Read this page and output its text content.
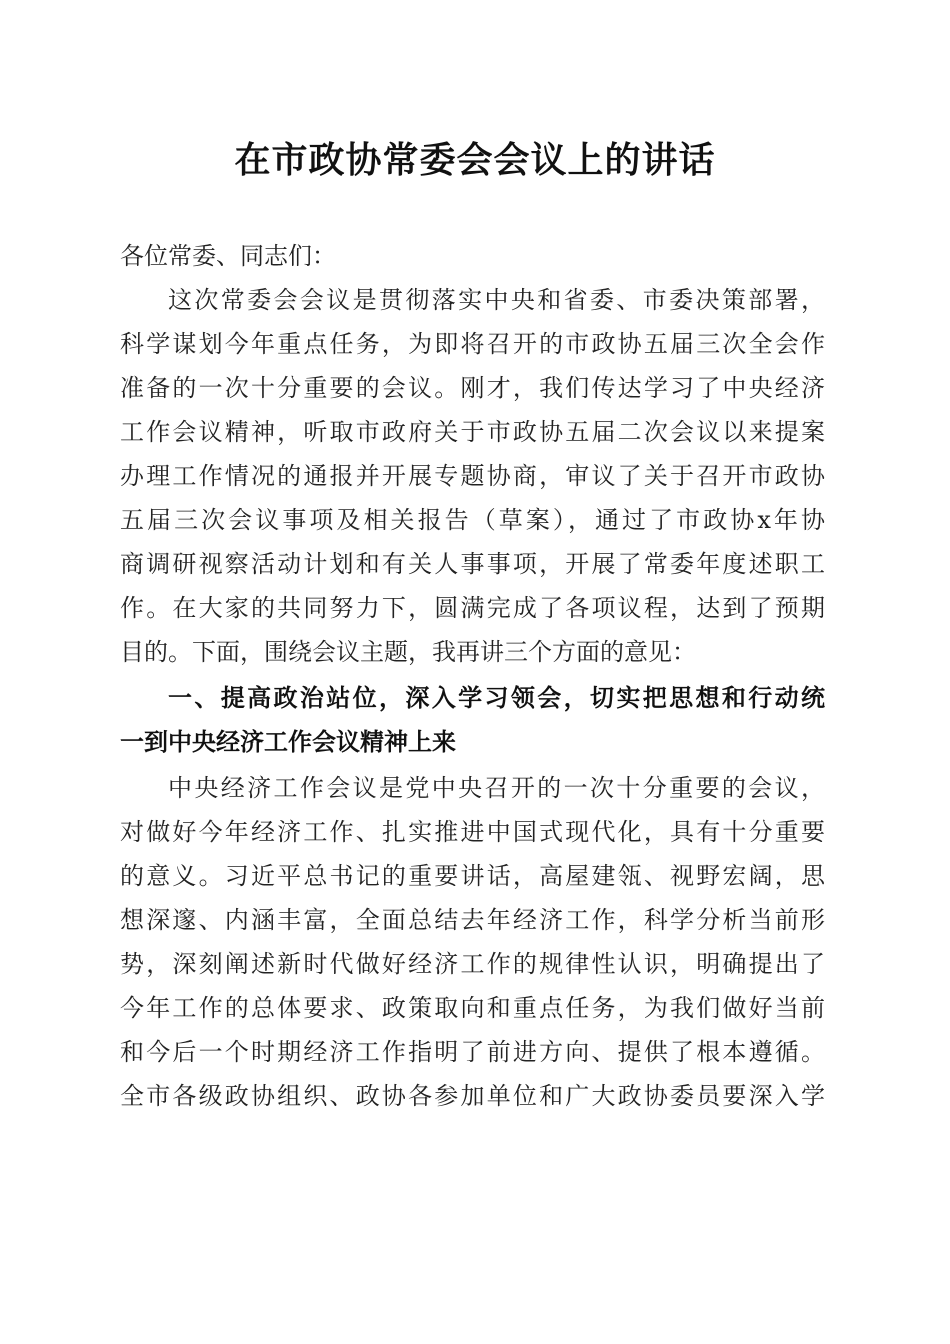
在市政协常委会会议上的讲话
各位常委、同志们：
这次常委会会议是贯彻落实中央和省委、市委决策部署，
科学谋划今年重点任务，为即将召开的市政协五届三次全会作
准备的一次十分重要的会议。刚才，我们传达学习了中央经济
工作会议精神，听取市政府关于市政协五届二次会议以来提案
办理工作情况的通报并开展专题协商，审议了关于召开市政协
五届三次会议事项及相关报告（草案），通过了市政协x年协
商调研视察活动计划和有关人事事项，开展了常委年度述职工
作。在大家的共同努力下，圆满完成了各项议程，达到了预期
目的。下面，围绕会议主题，我再讲三个方面的意见：
一、提高政治站位，深入学习领会，切实把思想和行动统
一到中央经济工作会议精神上来
中央经济工作会议是党中央召开的一次十分重要的会议，
对做好今年经济工作、扎实推进中国式现代化，具有十分重要
的意义。习近平总书记的重要讲话，高屋建瓴、视野宏阔，思
想深邃、内涵丰富，全面总结去年经济工作，科学分析当前形
势，深刻阐述新时代做好经济工作的规律性认识，明确提出了
今年工作的总体要求、政策取向和重点任务，为我们做好当前
和今后一个时期经济工作指明了前进方向、提供了根本遵循。
全市各级政协组织、政协各参加单位和广大政协委员要深入学
